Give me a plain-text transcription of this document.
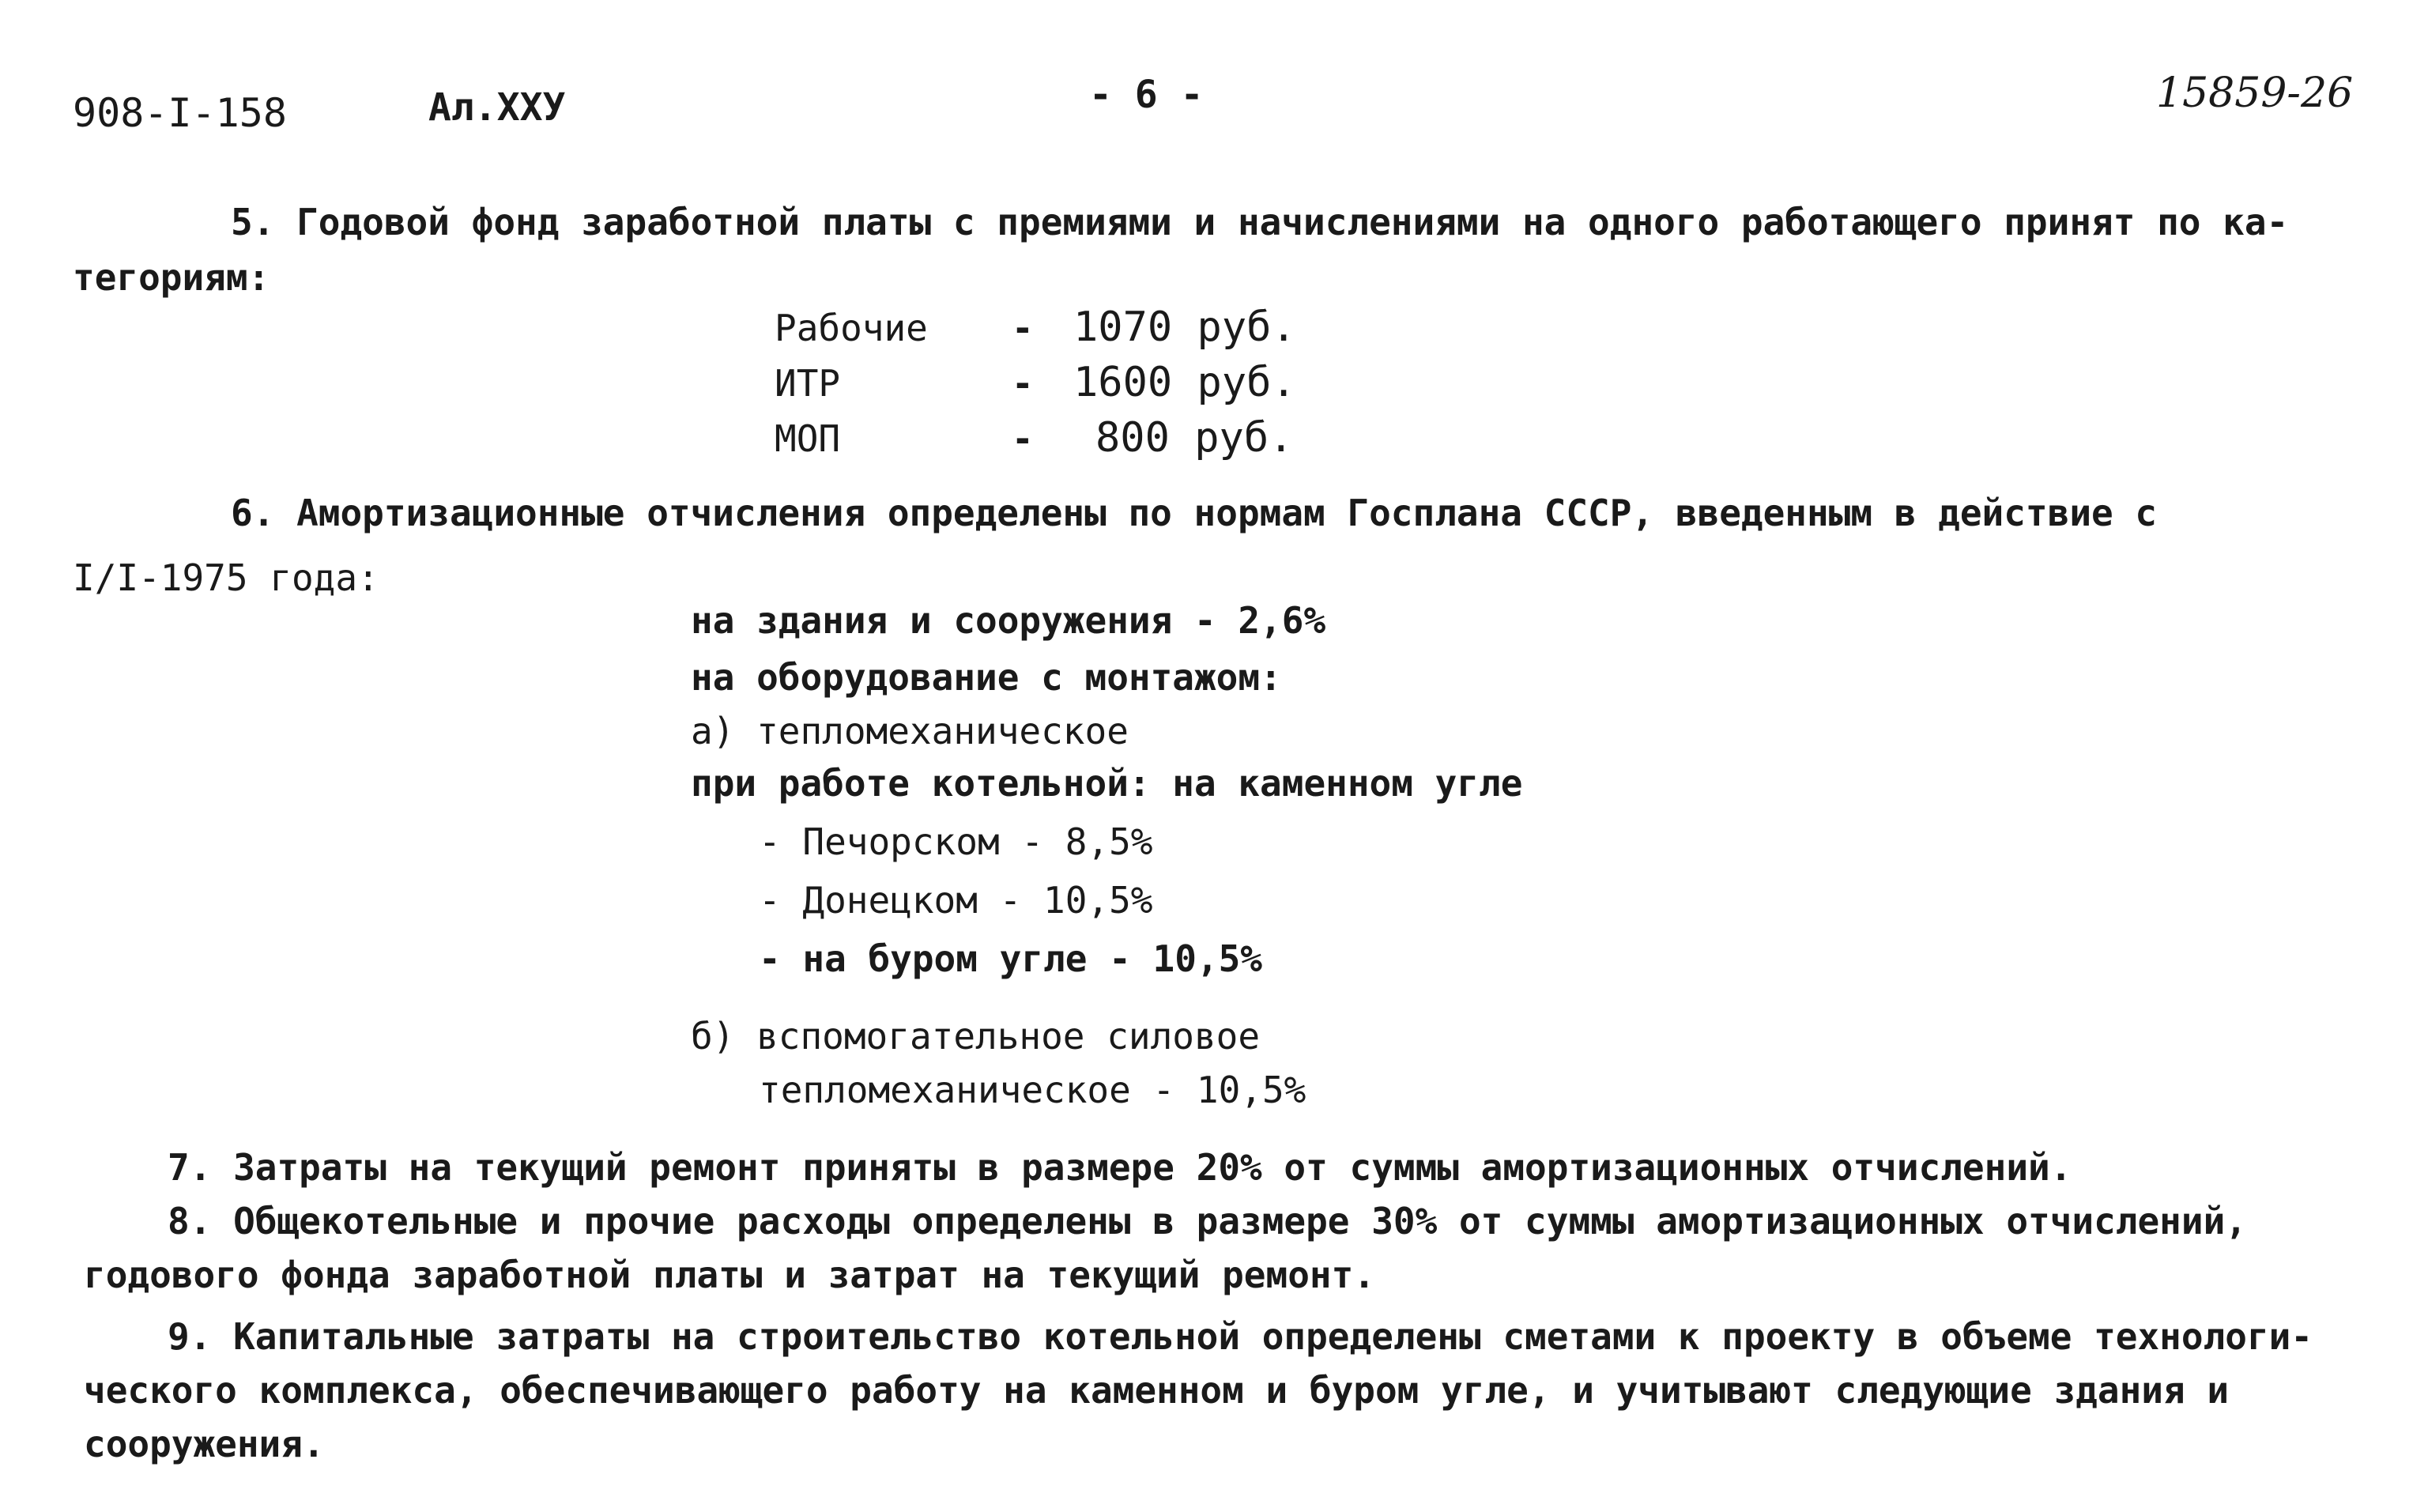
908-I-158	Ал.XXУ	- 6 -	15859-26
5. Годовой фонд заработной платы с премиями и начислениями на одного работающего принят по ка-
тегориям:
Рабочие - 1070 руб.
ИТР	- 1600 руб.
МОП	- 800 руб.
6. Амортизационные отчисления определены по нормам Госплана СССР, введенным в действие с
I/I-1975 года:
на здания и сооружения - 2,6%
на оборудование с монтажом:
а) тепломеханическое
при работе котельной: на каменном угле
- Печорском - 8,5%
- Донецком - 10,5%
- на буром угле - 10,5%
б) вспомогательное силовое
тепломеханическое - 10,5%
7. Затраты на текущий ремонт приняты в размере 20% от суммы амортизационных отчислений.
8. Общекотельные и прочие расходы определены в размере 30% от суммы амортизационных отчислений,
годового фонда заработной платы и затрат на текущий ремонт.
9. Капитальные затраты на строительство котельной определены сметами к проекту в объеме технологи-
ческого комплекса, обеспечивающего работу на каменном и буром угле, и учитывают следующие здания и
сооружения.
